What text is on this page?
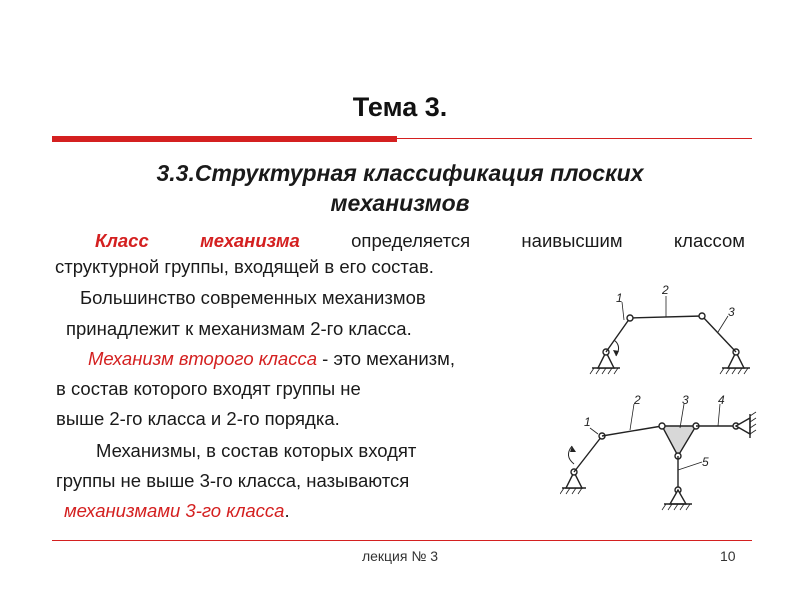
Тема 3.
3.3.Структурная классификация плоских
механизмов
Класс механизма определяется наивысшим классом
структурной группы, входящей в его состав.
Большинство современных механизмов
принадлежит к механизмам 2-го класса.
Механизм второго класса - это механизм,
в состав которого входят группы не
выше 2-го класса и 2-го порядка.
Механизмы, в состав которых входят
группы не выше 3-го класса, называются
механизмами 3-го класса.
1
2
3
1
2	3 4
5
лекция № 3	10
